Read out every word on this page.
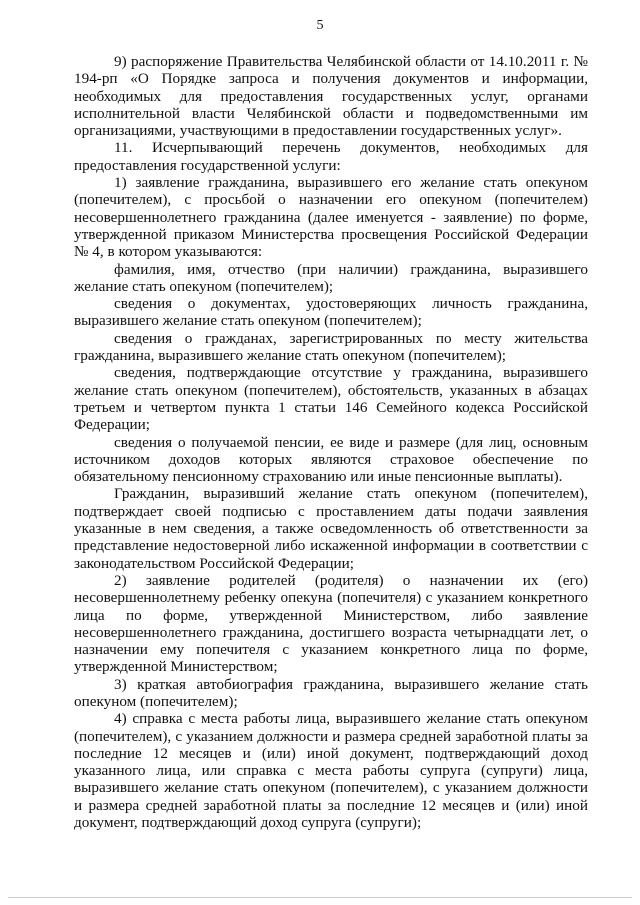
5

9) распоряжение Правительства Челябинской области от 14.10.2011 г. № 194-рп «О Порядке запроса и получения документов и информации, необходимых для предоставления государственных услуг, органами исполнительной власти Челябинской области и подведомственными им организациями, участвующими в предоставлении государственных услуг».

11. Исчерпывающий перечень документов, необходимых для предоставления государственной услуги:

1) заявление гражданина, выразившего его желание стать опекуном (попечителем), с просьбой о назначении его опекуном (попечителем) несовершеннолетнего гражданина (далее именуется - заявление) по форме, утвержденной приказом Министерства просвещения Российской Федерации № 4, в котором указываются:

фамилия, имя, отчество (при наличии) гражданина, выразившего желание стать опекуном (попечителем);

сведения о документах, удостоверяющих личность гражданина, выразившего желание стать опекуном (попечителем);

сведения о гражданах, зарегистрированных по месту жительства гражданина, выразившего желание стать опекуном (попечителем);

сведения, подтверждающие отсутствие у гражданина, выразившего желание стать опекуном (попечителем), обстоятельств, указанных в абзацах третьем и четвертом пункта 1 статьи 146 Семейного кодекса Российской Федерации;

сведения о получаемой пенсии, ее виде и размере (для лиц, основным источником доходов которых являются страховое обеспечение по обязательному пенсионному страхованию или иные пенсионные выплаты).

Гражданин, выразивший желание стать опекуном (попечителем), подтверждает своей подписью с проставлением даты подачи заявления указанные в нем сведения, а также осведомленность об ответственности за представление недостоверной либо искаженной информации в соответствии с законодательством Российской Федерации;

2) заявление родителей (родителя) о назначении их (его) несовершеннолетнему ребенку опекуна (попечителя) с указанием конкретного лица по форме, утвержденной Министерством, либо заявление несовершеннолетнего гражданина, достигшего возраста четырнадцати лет, о назначении ему попечителя с указанием конкретного лица по форме, утвержденной Министерством;

3) краткая автобиография гражданина, выразившего желание стать опекуном (попечителем);

4) справка с места работы лица, выразившего желание стать опекуном (попечителем), с указанием должности и размера средней заработной платы за последние 12 месяцев и (или) иной документ, подтверждающий доход указанного лица, или справка с места работы супруга (супруги) лица, выразившего желание стать опекуном (попечителем), с указанием должности и размера средней заработной платы за последние 12 месяцев и (или) иной документ, подтверждающий доход супруга (супруги);
